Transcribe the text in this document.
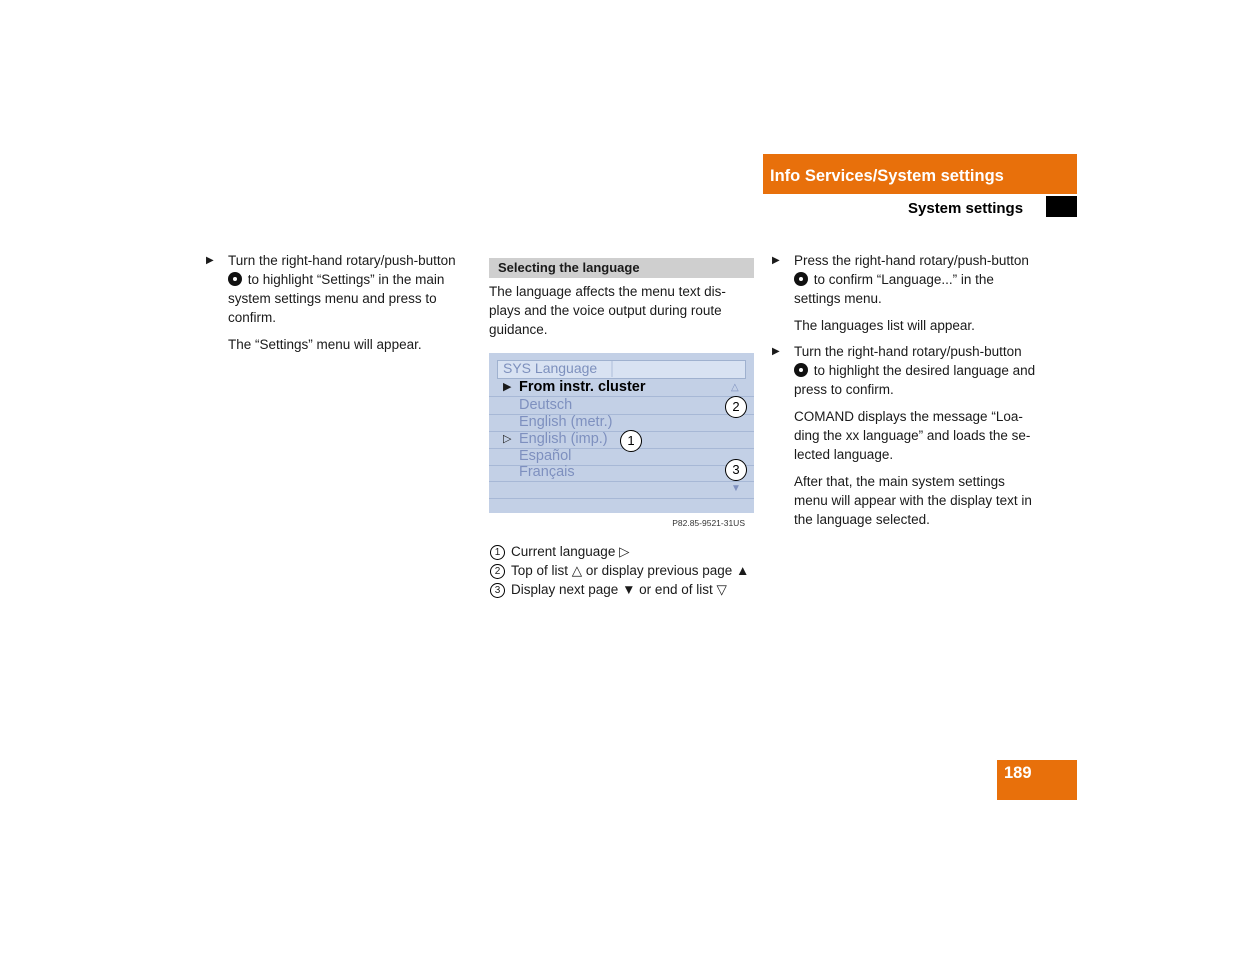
Info Services/System settings
System settings
▶ Turn the right-hand rotary/push-button
to highlight “Settings” in the main system settings menu and press to confirm.

The “Settings” menu will appear.

Selecting the language

The language affects the menu text dis-plays and the voice output during route guidance.

SYS Language
▶ From instr. cluster
Deutsch
English (metr.)
▷ English (imp.)
Español
Français
△
▼
1
2
3
P82.85-9521-31US
1 Current language ▷
2 Top of list △ or display previous page ▲
3 Display next page ▼ or end of list ▽
▶ Press the right-hand rotary/push-button  to confirm “Language...” in the settings menu.

The languages list will appear.

▶ Turn the right-hand rotary/push-button
to highlight the desired language and press to confirm.

COMAND displays the message “Loa-ding the xx language” and loads the se-lected language.

After that, the main system settings menu will appear with the display text in the language selected.

189
